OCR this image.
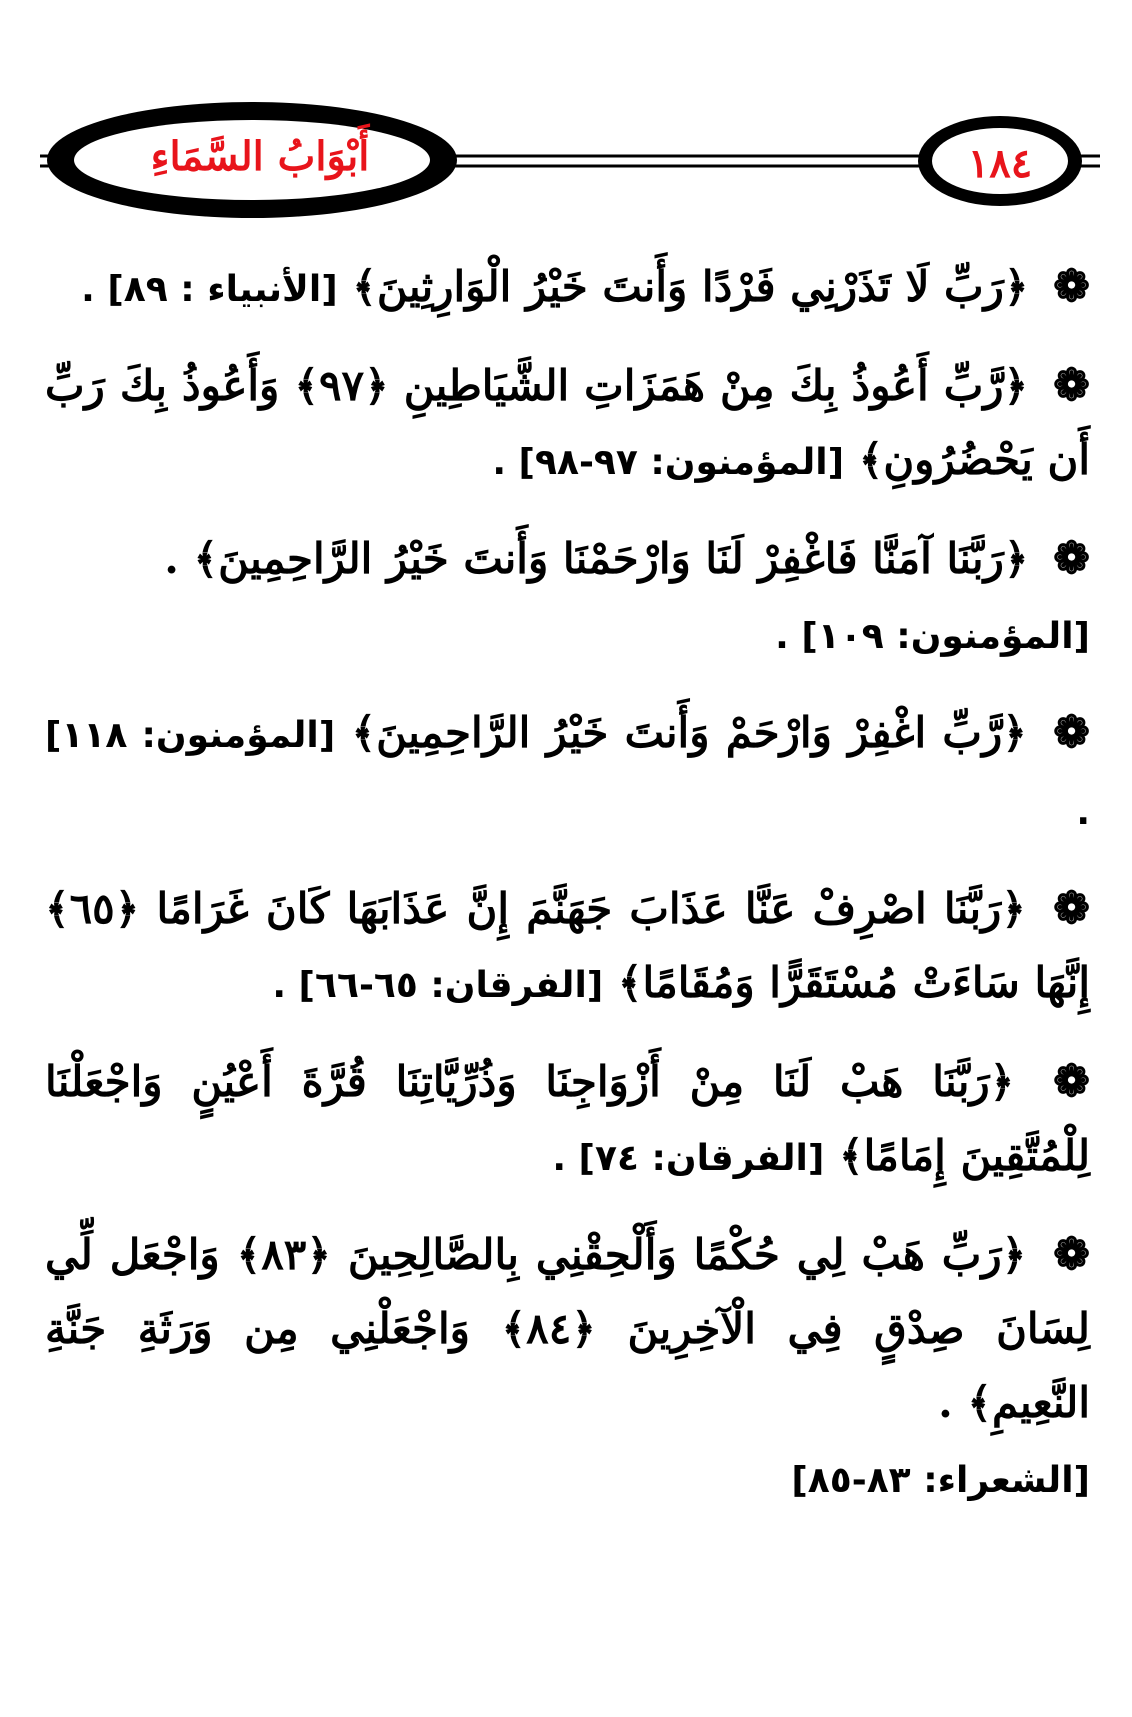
أَبْوَابُ السَّمَاءِ	١٨٤

❁ ﴿رَبِّ لَا تَذَرْنِي فَرْدًا وَأَنتَ خَيْرُ الْوَارِثِينَ﴾ [الأنبياء : ٨٩] .

❁ ﴿رَّبِّ أَعُوذُ بِكَ مِنْ هَمَزَاتِ الشَّيَاطِينِ ﴿٩٧﴾ وَأَعُوذُ بِكَ رَبِّ أَن يَحْضُرُونِ﴾ [المؤمنون: ٩٧-٩٨] .

❁ ﴿رَبَّنَا آمَنَّا فَاغْفِرْ لَنَا وَارْحَمْنَا وَأَنتَ خَيْرُ الرَّاحِمِينَ﴾ .

[المؤمنون: ١٠٩] .

❁ ﴿رَّبِّ اغْفِرْ وَارْحَمْ وَأَنتَ خَيْرُ الرَّاحِمِينَ﴾ [المؤمنون: ١١٨] .

❁ ﴿رَبَّنَا اصْرِفْ عَنَّا عَذَابَ جَهَنَّمَ إِنَّ عَذَابَهَا كَانَ غَرَامًا ﴿٦٥﴾ إِنَّهَا سَاءَتْ مُسْتَقَرًّا وَمُقَامًا﴾ [الفرقان: ٦٥-٦٦] .

❁ ﴿رَبَّنَا هَبْ لَنَا مِنْ أَزْوَاجِنَا وَذُرِّيَّاتِنَا قُرَّةَ أَعْيُنٍ وَاجْعَلْنَا لِلْمُتَّقِينَ إِمَامًا﴾ [الفرقان: ٧٤] .

❁ ﴿رَبِّ هَبْ لِي حُكْمًا وَأَلْحِقْنِي بِالصَّالِحِينَ ﴿٨٣﴾ وَاجْعَل لِّي لِسَانَ صِدْقٍ فِي الْآخِرِينَ ﴿٨٤﴾ وَاجْعَلْنِي مِن وَرَثَةِ جَنَّةِ النَّعِيمِ﴾ .

[الشعراء: ٨٣-٨٥]
